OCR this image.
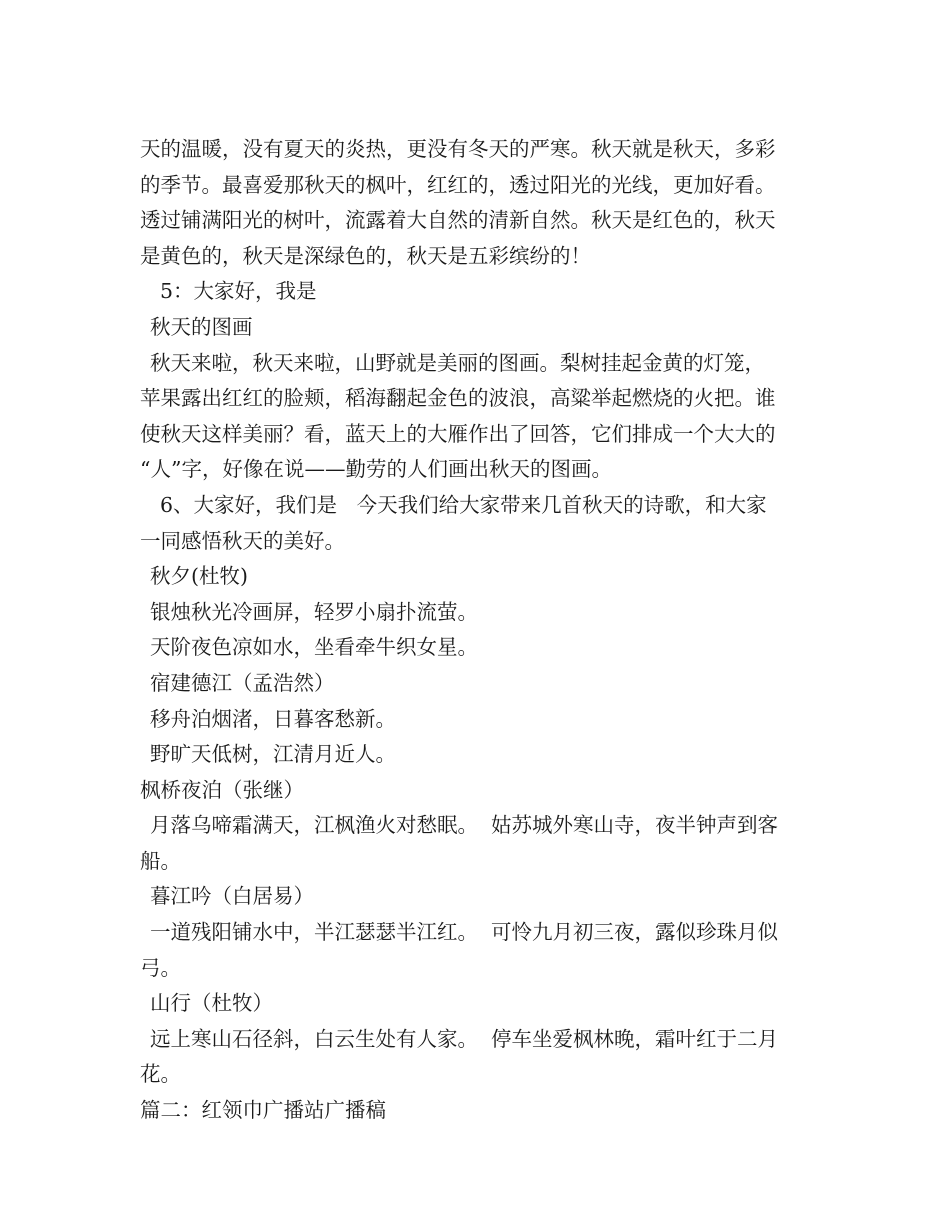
天的温暖，没有夏天的炎热，更没有冬天的严寒。秋天就是秋天，多彩
的季节。最喜爱那秋天的枫叶，红红的，透过阳光的光线，更加好看。
透过铺满阳光的树叶，流露着大自然的清新自然。秋天是红色的，秋天
是黄色的，秋天是深绿色的，秋天是五彩缤纷的！
5：大家好，我是
秋天的图画
秋天来啦，秋天来啦，山野就是美丽的图画。梨树挂起金黄的灯笼，
苹果露出红红的脸颊，稻海翻起金色的波浪，高粱举起燃烧的火把。谁
使秋天这样美丽？看，蓝天上的大雁作出了回答，它们排成一个大大的
“人”字，好像在说——勤劳的人们画出秋天的图画。
6、大家好，我们是   今天我们给大家带来几首秋天的诗歌，和大家
一同感悟秋天的美好。
秋夕(杜牧)
银烛秋光冷画屏，轻罗小扇扑流萤。
天阶夜色凉如水，坐看牵牛织女星。
宿建德江（孟浩然）
移舟泊烟渚，日暮客愁新。
野旷天低树，江清月近人。
枫桥夜泊（张继）
月落乌啼霜满天，江枫渔火对愁眠。  姑苏城外寒山寺，夜半钟声到客
船。
暮江吟（白居易）
一道残阳铺水中，半江瑟瑟半江红。  可怜九月初三夜，露似珍珠月似
弓。
山行（杜牧）
远上寒山石径斜，白云生处有人家。  停车坐爱枫林晚，霜叶红于二月
花。
篇二：红领巾广播站广播稿
